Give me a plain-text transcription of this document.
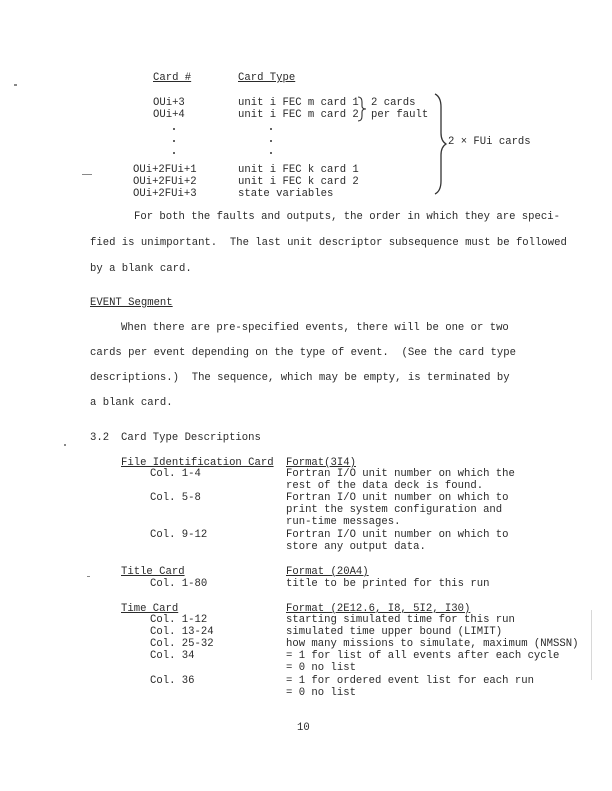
Card #	Card Type
OUi+3	unit i FEC m card 1
OUi+4	unit i FEC m card 2
OUi+2FUi+1	unit i FEC k card 1
OUi+2FUi+2	unit i FEC k card 2
OUi+2FUi+3	state variables
2 cards
per fault
2 × FUi cards
For both the faults and outputs, the order in which they are speci-
fied is unimportant.  The last unit descriptor subsequence must be followed
by a blank card.
EVENT Segment
When there are pre-specified events, there will be one or two
cards per event depending on the type of event.  (See the card type
descriptions.)  The sequence, which may be empty, is terminated by
a blank card.
3.2 Card Type Descriptions
File Identification Card Format(3I4)
Col. 1-4	Fortran I/O unit number on which the
rest of the data deck is found.
Col. 5-8	Fortran I/O unit number on which to
print the system configuration and
run-time messages.
Col. 9-12	Fortran I/O unit number on which to
store any output data.
Title Card	Format (20A4)
Col. 1-80	title to be printed for this run
Time Card	Format (2E12.6, I8, 5I2, I30)
Col. 1-12	starting simulated time for this run
Col. 13-24	simulated time upper bound (LIMIT)
Col. 25-32	how many missions to simulate, maximum (NMSSN)
Col. 34	= 1 for list of all events after each cycle
= 0 no list
Col. 36	= 1 for ordered event list for each run
= 0 no list
10
